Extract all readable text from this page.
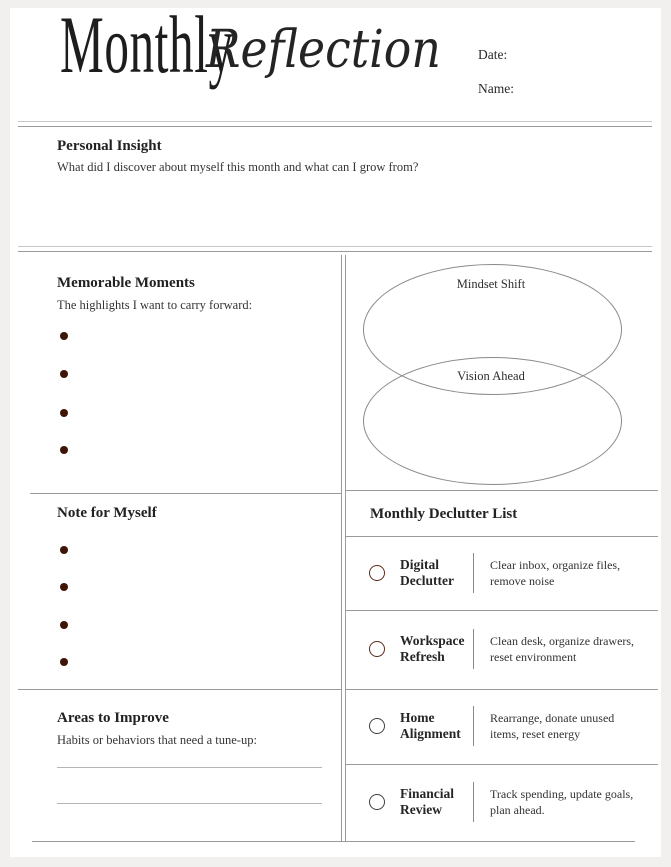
Monthly
Reflection	Date:
Name:
Personal Insight
What did I discover about myself this month and what can I grow from?
Memorable Moments
The highlights I want to carry forward:
Mindset Shift
Vision Ahead
Note for Myself
Areas to Improve
Habits or behaviors that need a tune-up:
Monthly Declutter List
Digital Declutter
Clear inbox, organize files, remove noise
Workspace Refresh
Clean desk, organize drawers, reset environment
Home Alignment
Rearrange, donate unused items, reset energy
Financial Review
Track spending, update goals, plan ahead.
